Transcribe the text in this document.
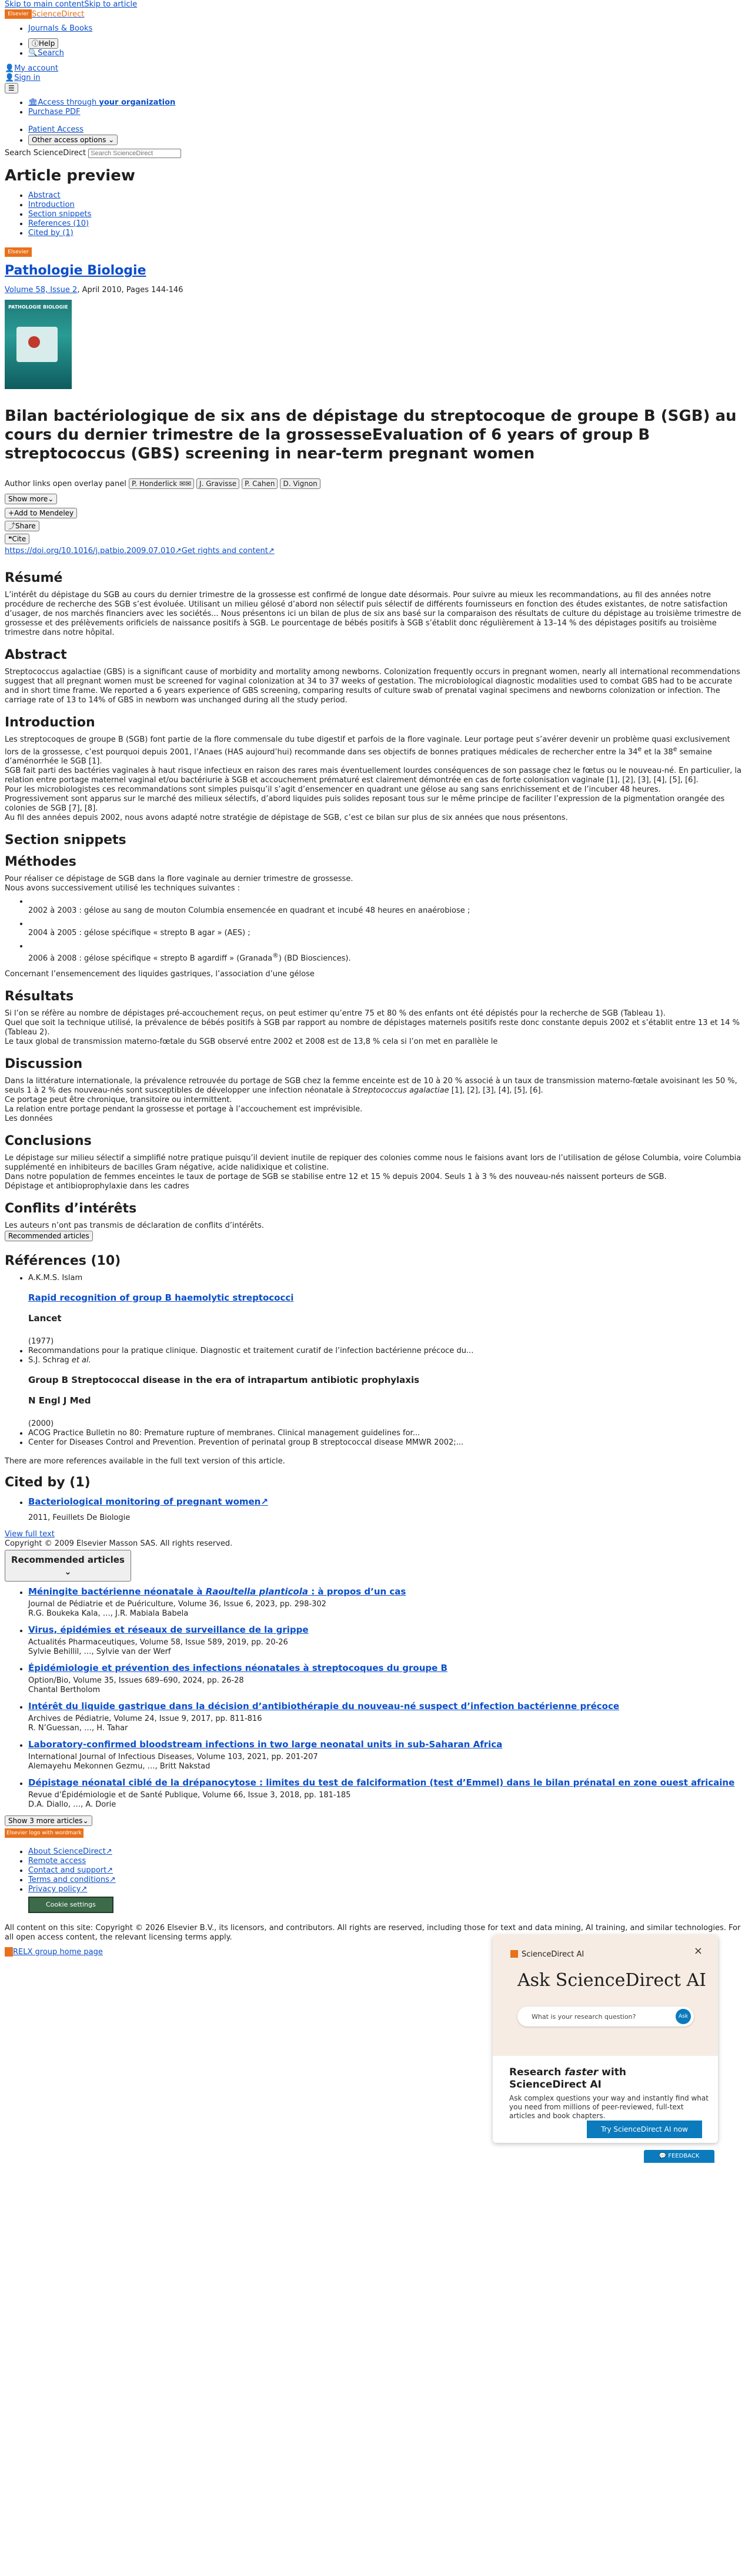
Skip to main contentSkip to article
Elsevier logoScienceDirect
• Journals & Books
• ⓘHelp
• 🔍Search
👤My account
👤Sign in
☰
• 🏛Access through your organization
• Purchase PDF
• Patient Access
• Other access options ⌄
Search ScienceDirect Search ScienceDirect
Article preview
• Abstract
• Introduction
• Section snippets
• References (10)
• Cited by (1)
Elsevier
Pathologie Biologie
Volume 58, Issue 2, April 2010, Pages 144-146
PATHOLOGIE BIOLOGIE
Bilan bactériologique de six ans de dépistage du streptocoque de groupe B (SGB) au cours du dernier trimestre de la grossesseEvaluation of 6 years of group B streptococcus (GBS) screening in near-term pregnant women
Author links open overlay panel P. Honderlick ✉✉ J. Gravisse P. Cahen D. Vignon
Show more⌄
+Add to Mendeley
⤴Share
❝Cite
https://doi.org/10.1016/j.patbio.2009.07.010↗Get rights and content↗
Résumé

L’intérêt du dépistage du SGB au cours du dernier trimestre de la grossesse est confirmé de longue date désormais. Pour suivre au mieux les recommandations, au fil des années notre procédure de recherche des SGB s’est évoluée. Utilisant un milieu gélosé d’abord non sélectif puis sélectif de différents fournisseurs en fonction des études existantes, de notre satisfaction d’usager, de nos marchés financiers avec les sociétés... Nous présentons ici un bilan de plus de six ans basé sur la comparaison des résultats de culture du dépistage au troisième trimestre de grossesse et des prélèvements orificiels de naissance positifs à SGB. Le pourcentage de bébés positifs à SGB s’établit donc régulièrement à 13–14 % des dépistages positifs au troisième trimestre dans notre hôpital.

Abstract

Streptococcus agalactiae (GBS) is a significant cause of morbidity and mortality among newborns. Colonization frequently occurs in pregnant women, nearly all international recommendations suggest that all pregnant women must be screened for vaginal colonization at 34 to 37 weeks of gestation. The microbiological diagnostic modalities used to combat GBS had to be accurate and in short time frame. We reported a 6 years experience of GBS screening, comparing results of culture swab of prenatal vaginal specimens and newborns colonization or infection. The carriage rate of 13 to 14% of GBS in newborn was unchanged during all the study period.

Introduction

Les streptocoques de groupe B (SGB) font partie de la flore commensale du tube digestif et parfois de la flore vaginale. Leur portage peut s’avérer devenir un problème quasi exclusivement lors de la grossesse, c’est pourquoi depuis 2001, l’Anaes (HAS aujourd’hui) recommande dans ses objectifs de bonnes pratiques médicales de rechercher entre la 34e et la 38e semaine d’aménorrhée le SGB [1].

SGB fait parti des bactéries vaginales à haut risque infectieux en raison des rares mais éventuellement lourdes conséquences de son passage chez le fœtus ou le nouveau-né. En particulier, la relation entre portage maternel vaginal et/ou bactériurie à SGB et accouchement prématuré est clairement démontrée en cas de forte colonisation vaginale [1], [2], [3], [4], [5], [6].

Pour les microbiologistes ces recommandations sont simples puisqu’il s’agit d’ensemencer en quadrant une gélose au sang sans enrichissement et de l’incuber 48 heures.

Progressivement sont apparus sur le marché des milieux sélectifs, d’abord liquides puis solides reposant tous sur le même principe de faciliter l’expression de la pigmentation orangée des colonies de SGB [7], [8].

Au fil des années depuis 2002, nous avons adapté notre stratégie de dépistage de SGB, c’est ce bilan sur plus de six années que nous présentons.

Section snippets
Méthodes

Pour réaliser ce dépistage de SGB dans la flore vaginale au dernier trimestre de grossesse.

Nous avons successivement utilisé les techniques suivantes :

• 2002 à 2003 : gélose au sang de mouton Columbia ensemencée en quadrant et incubé 48 heures en anaérobiose ;

• 2004 à 2005 : gélose spécifique « strepto B agar » (AES) ;

• 2006 à 2008 : gélose spécifique « strepto B agardiff » (Granada®) (BD Biosciences).

Concernant l’ensemencement des liquides gastriques, l’association d’une gélose

Résultats

Si l’on se réfère au nombre de dépistages pré-accouchement reçus, on peut estimer qu’entre 75 et 80 % des enfants ont été dépistés pour la recherche de SGB (Tableau 1).

Quel que soit la technique utilisé, la prévalence de bébés positifs à SGB par rapport au nombre de dépistages maternels positifs reste donc constante depuis 2002 et s’établit entre 13 et 14 % (Tableau 2).

Le taux global de transmission materno-fœtale du SGB observé entre 2002 et 2008 est de 13,8 % cela si l’on met en parallèle le

Discussion

Dans la littérature internationale, la prévalence retrouvée du portage de SGB chez la femme enceinte est de 10 à 20 % associé à un taux de transmission materno-fœtale avoisinant les 50 %, seuls 1 à 2 % des nouveau-nés sont susceptibles de développer une infection néonatale à Streptococcus agalactiae [1], [2], [3], [4], [5], [6].

Ce portage peut être chronique, transitoire ou intermittent.

La relation entre portage pendant la grossesse et portage à l’accouchement est imprévisible.

Les données

Conclusions

Le dépistage sur milieu sélectif a simplifié notre pratique puisqu’il devient inutile de repiquer des colonies comme nous le faisions avant lors de l’utilisation de gélose Columbia, voire Columbia supplémenté en inhibiteurs de bacilles Gram négative, acide nalidixique et colistine.

Dans notre population de femmes enceintes le taux de portage de SGB se stabilise entre 12 et 15 % depuis 2004. Seuls 1 à 3 % des nouveau-nés naissent porteurs de SGB.

Dépistage et antibioprophylaxie dans les cadres

Conflits d’intérêts

Les auteurs n’ont pas transmis de déclaration de conflits d’intérêts.

Recommended articles
Références (10)
• A.K.M.S. Islam
Rapid recognition of group B haemolytic streptococci
Lancet
(1977)
• Recommandations pour la pratique clinique. Diagnostic et traitement curatif de l’infection bactérienne précoce du...
• S.J. Schrag et al.
Group B Streptococcal disease in the era of intrapartum antibiotic prophylaxis
N Engl J Med
(2000)
• ACOG Practice Bulletin no 80: Premature rupture of membranes. Clinical management guidelines for...
• Center for Diseases Control and Prevention. Prevention of perinatal group B streptococcal disease MMWR 2002;...

There are more references available in the full text version of this article.

Cited by (1)
• Bacteriological monitoring of pregnant women↗
2011, Feuillets De Biologie
View full text
Copyright © 2009 Elsevier Masson SAS. All rights reserved.
Recommended articles
⌄
• Méningite bactérienne néonatale à Raoultella planticola : à propos d’un cas
Journal de Pédiatrie et de Puériculture, Volume 36, Issue 6, 2023, pp. 298-302
R.G. Boukeka Kala, …, J.R. Mabiala Babela
• Virus, épidémies et réseaux de surveillance de la grippe
Actualités Pharmaceutiques, Volume 58, Issue 589, 2019, pp. 20-26
Sylvie Behillil, …, Sylvie van der Werf
• Épidémiologie et prévention des infections néonatales à streptocoques du groupe B
Option/Bio, Volume 35, Issues 689–690, 2024, pp. 26-28
Chantal Bertholom
• Intérêt du liquide gastrique dans la décision d’antibiothérapie du nouveau-né suspect d’infection bactérienne précoce
Archives de Pédiatrie, Volume 24, Issue 9, 2017, pp. 811-816
R. N’Guessan, …, H. Tahar
• Laboratory-confirmed bloodstream infections in two large neonatal units in sub-Saharan Africa
International Journal of Infectious Diseases, Volume 103, 2021, pp. 201-207
Alemayehu Mekonnen Gezmu, …, Britt Nakstad
• Dépistage néonatal ciblé de la drépanocytose : limites du test de falciformation (test d’Emmel) dans le bilan prénatal en zone ouest africaine
Revue d’Épidémiologie et de Santé Publique, Volume 66, Issue 3, 2018, pp. 181-185
D.A. Diallo, …, A. Dorie
Show 3 more articles⌄
Elsevier logo with wordmark
• About ScienceDirect↗
• Remote access
• Contact and support↗
• Terms and conditions↗
• Privacy policy↗
Cookie settings

All content on this site: Copyright © 2026 Elsevier B.V., its licensors, and contributors. All rights are reserved, including those for text and data mining, AI training, and similar technologies. For all open access content, the relevant licensing terms apply.

RELX group home page	ScienceDirect AI	×
Ask ScienceDirect AI
What is your research question?	Ask
Research faster with ScienceDirect AI
Ask complex questions your way and instantly find what you need from millions of peer-reviewed, full-text articles and book chapters.
Try ScienceDirect AI now
💬 FEEDBACK
